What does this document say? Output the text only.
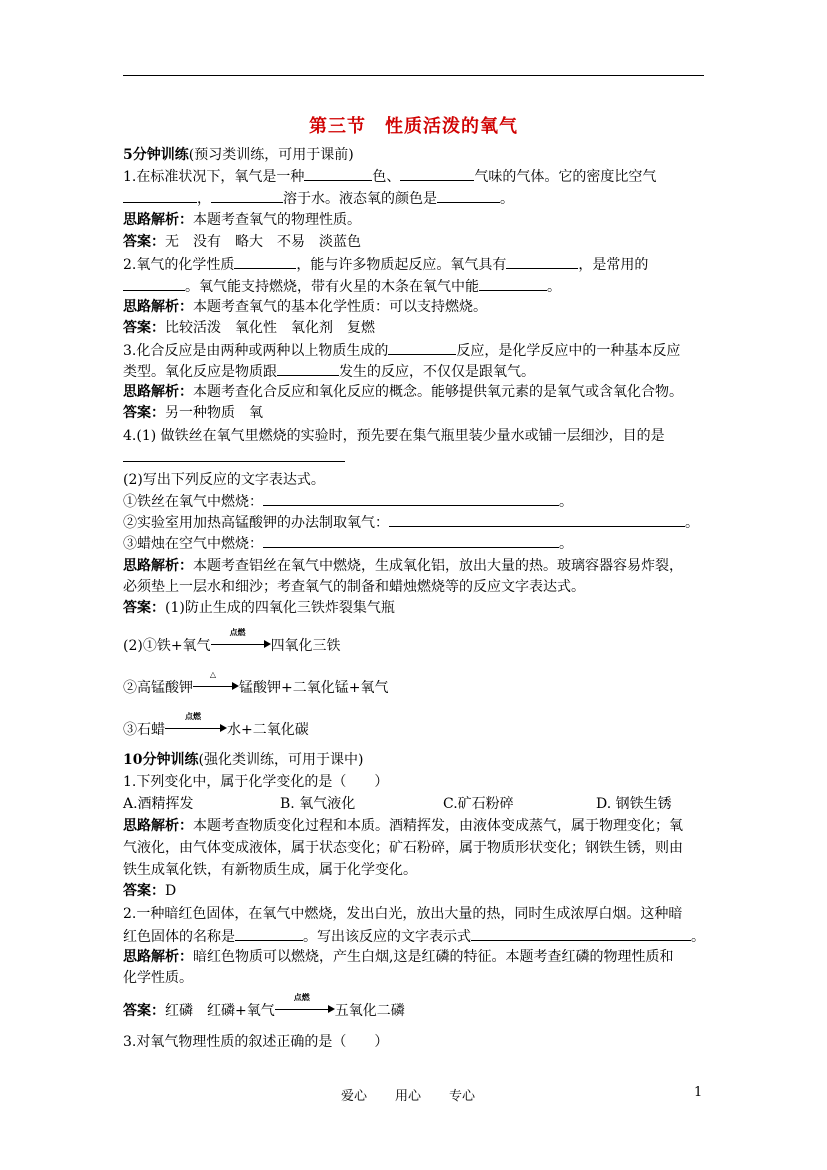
第三节　性质活泼的氧气
5分钟训练(预习类训练，可用于课前)
1.在标准状况下，氧气是一种	色、	气味的气体。它的密度比空气
，	溶于水。液态氧的颜色是	。
思路解析：本题考查氧气的物理性质。
答案：无　没有　略大　不易　淡蓝色
2.氧气的化学性质	，能与许多物质起反应。氧气具有	，是常用的
。氧气能支持燃烧，带有火星的木条在氧气中能	。
思路解析：本题考查氧气的基本化学性质：可以支持燃烧。
答案：比较活泼　氧化性　氧化剂　复燃
3.化合反应是由两种或两种以上物质生成的	反应，是化学反应中的一种基本反应
类型。氧化反应是物质跟	发生的反应，不仅仅是跟氧气。
思路解析：本题考查化合反应和氧化反应的概念。能够提供氧元素的是氧气或含氧化合物。
答案：另一种物质　氧
4.(1) 做铁丝在氧气里燃烧的实验时，预先要在集气瓶里装少量水或铺一层细沙，目的是
(2)写出下列反应的文字表达式。
①铁丝在氧气中燃烧：	。
②实验室用加热高锰酸钾的办法制取氧气：	。
③蜡烛在空气中燃烧：	。
思路解析：本题考查铝丝在氧气中燃烧，生成氧化铝，放出大量的热。玻璃容器容易炸裂，
必须垫上一层水和细沙；考查氧气的制备和蜡烛燃烧等的反应文字表达式。
答案：(1)防止生成的四氧化三铁炸裂集气瓶
(2)①铁+氧气
点燃
四氧化三铁
②高锰酸钾
△
锰酸钾+二氧化锰+氧气
③石蜡
点燃
水+二氧化碳
10分钟训练(强化类训练，可用于课中)
1.下列变化中，属于化学变化的是（　　）
A.酒精挥发	B. 氧气液化	C.矿石粉碎	D. 钢铁生锈
思路解析：本题考查物质变化过程和本质。酒精挥发，由液体变成蒸气，属于物理变化；氧
气液化，由气体变成液体，属于状态变化；矿石粉碎，属于物质形状变化；钢铁生锈，则由
铁生成氧化铁，有新物质生成，属于化学变化。
答案：D
2.一种暗红色固体，在氧气中燃烧，发出白光，放出大量的热，同时生成浓厚白烟。这种暗
红色固体的名称是	。写出该反应的文字表示式	。
思路解析：暗红色物质可以燃烧，产生白烟,这是红磷的特征。本题考查红磷的物理性质和
化学性质。
答案：红磷　红磷+氧气
点燃
五氧化二磷
3.对氧气物理性质的叙述正确的是（　　）
爱心 用心 专心	1
